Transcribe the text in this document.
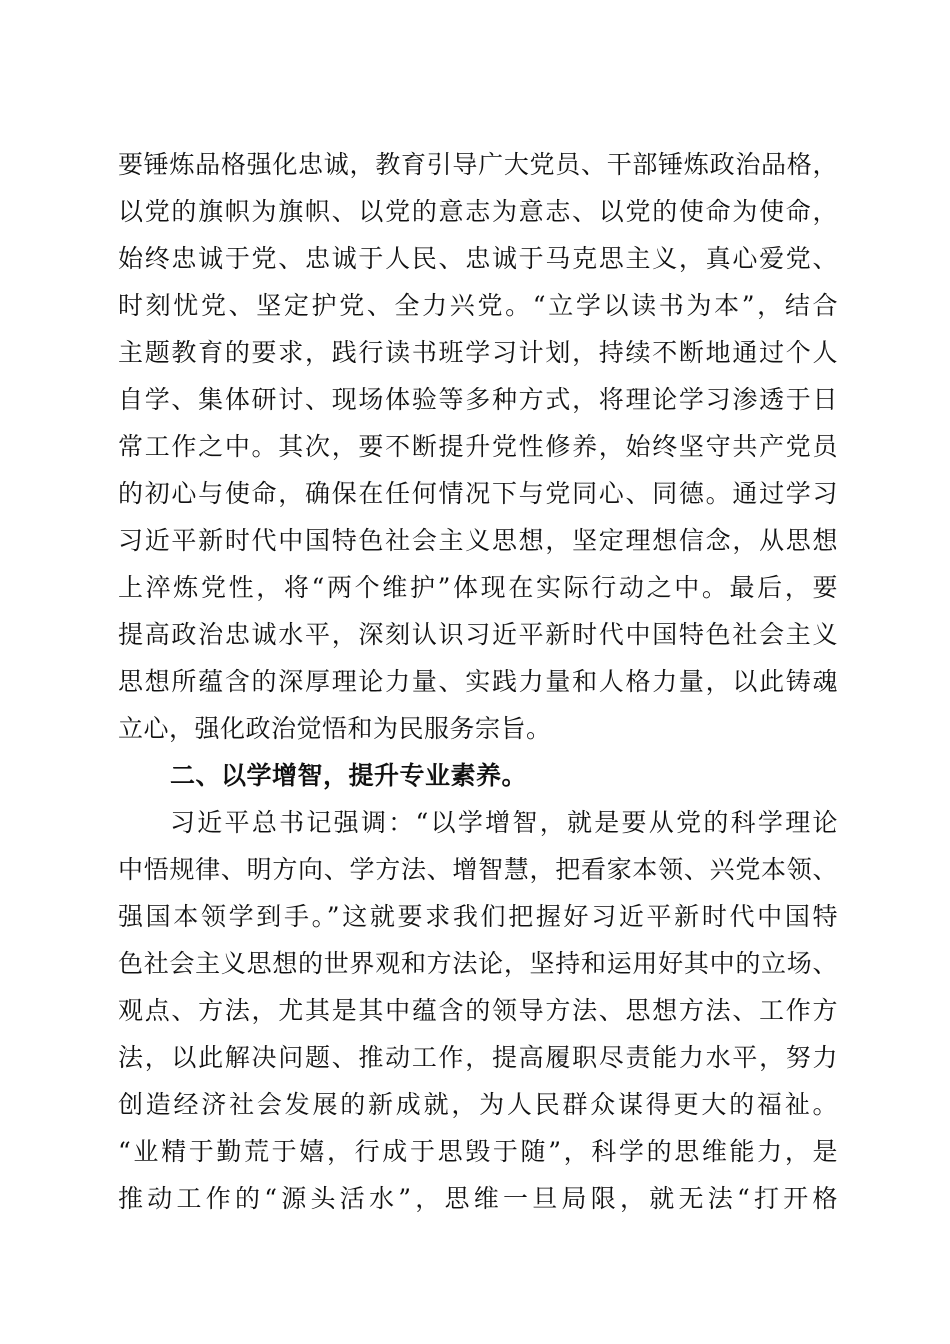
要锤炼品格强化忠诚，教育引导广大党员、干部锤炼政治品格，
以党的旗帜为旗帜、以党的意志为意志、以党的使命为使命，
始终忠诚于党、忠诚于人民、忠诚于马克思主义，真心爱党、
时刻忧党、坚定护党、全力兴党。“立学以读书为本”，结合
主题教育的要求，践行读书班学习计划，持续不断地通过个人
自学、集体研讨、现场体验等多种方式，将理论学习渗透于日
常工作之中。其次，要不断提升党性修养，始终坚守共产党员
的初心与使命，确保在任何情况下与党同心、同德。通过学习
习近平新时代中国特色社会主义思想，坚定理想信念，从思想
上淬炼党性，将“两个维护”体现在实际行动之中。最后，要
提高政治忠诚水平，深刻认识习近平新时代中国特色社会主义
思想所蕴含的深厚理论力量、实践力量和人格力量，以此铸魂
立心，强化政治觉悟和为民服务宗旨。
二、以学增智，提升专业素养。
习近平总书记强调：“以学增智，就是要从党的科学理论
中悟规律、明方向、学方法、增智慧，把看家本领、兴党本领、
强国本领学到手。”这就要求我们把握好习近平新时代中国特
色社会主义思想的世界观和方法论，坚持和运用好其中的立场、
观点、方法，尤其是其中蕴含的领导方法、思想方法、工作方
法，以此解决问题、推动工作，提高履职尽责能力水平，努力
创造经济社会发展的新成就，为人民群众谋得更大的福祉。
“业精于勤荒于嬉，行成于思毁于随”，科学的思维能力，是
推动工作的“源头活水”，思维一旦局限，就无法“打开格
